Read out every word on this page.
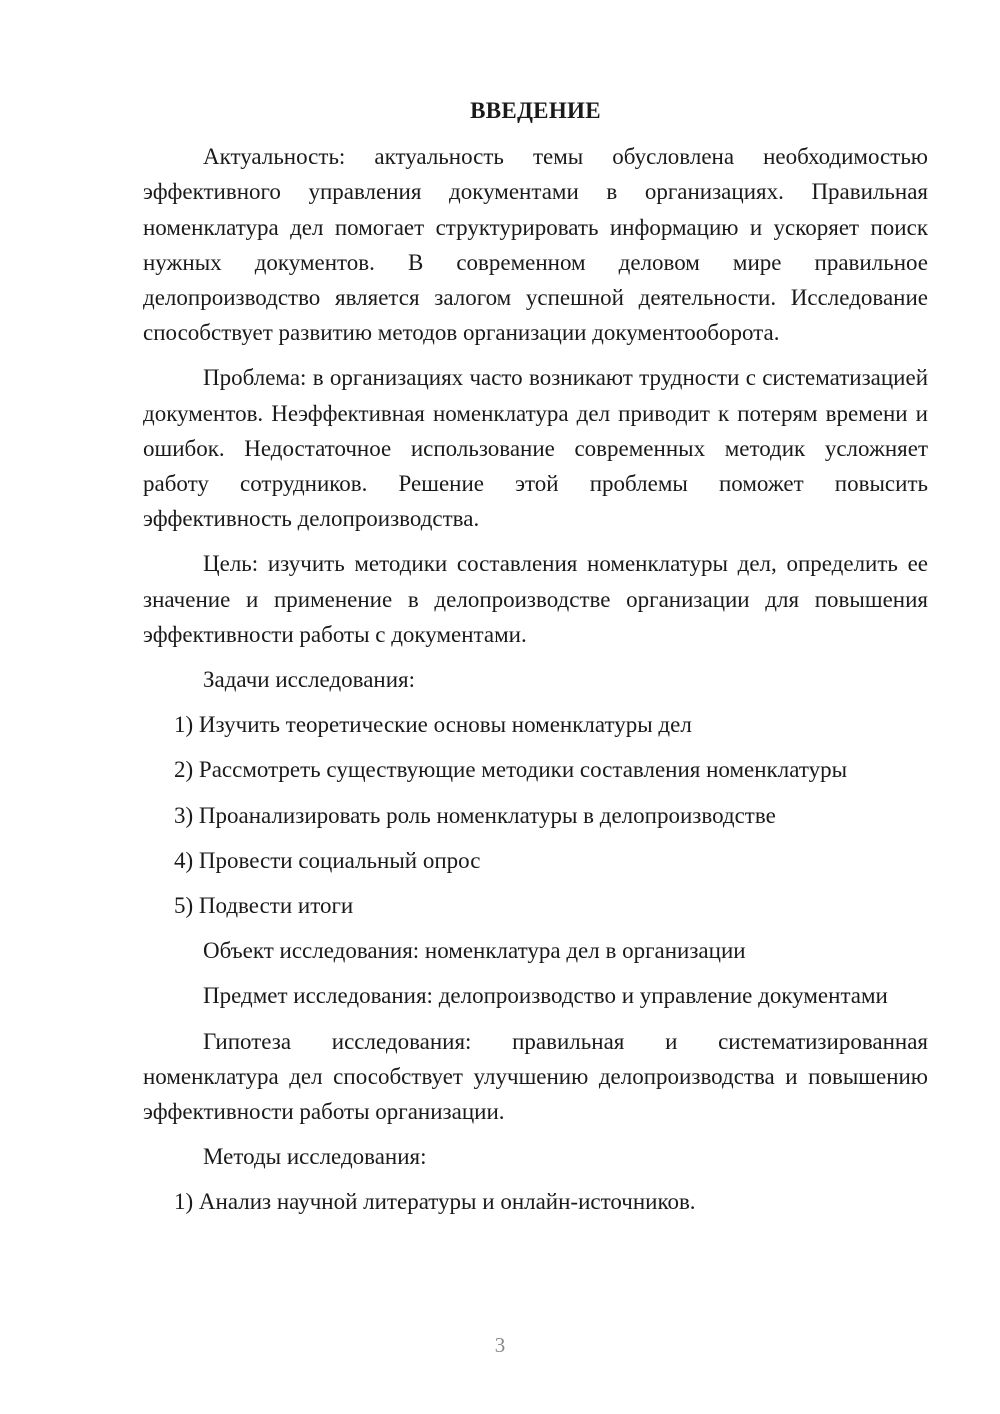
ВВЕДЕНИЕ

Актуальность: актуальность темы обусловлена необходимостью эффективного управления документами в организациях. Правильная номенклатура дел помогает структурировать информацию и ускоряет поиск нужных документов. В современном деловом мире правильное делопроизводство является залогом успешной деятельности. Исследование способствует развитию методов организации документооборота.

Проблема: в организациях часто возникают трудности с систематизацией документов. Неэффективная номенклатура дел приводит к потерям времени и ошибок. Недостаточное использование современных методик усложняет работу сотрудников. Решение этой проблемы поможет повысить эффективность делопроизводства.

Цель: изучить методики составления номенклатуры дел, определить ее значение и применение в делопроизводстве организации для повышения эффективности работы с документами.

Задачи исследования:

1) Изучить теоретические основы номенклатуры дел

2) Рассмотреть существующие методики составления номенклатуры

3) Проанализировать роль номенклатуры в делопроизводстве

4) Провести социальный опрос

5) Подвести итоги

Объект исследования: номенклатура дел в организации

Предмет исследования: делопроизводство и управление документами

Гипотеза исследования: правильная и систематизированная номенклатура дел способствует улучшению делопроизводства и повышению эффективности работы организации.

Методы исследования:

1) Анализ научной литературы и онлайн-источников.

3
